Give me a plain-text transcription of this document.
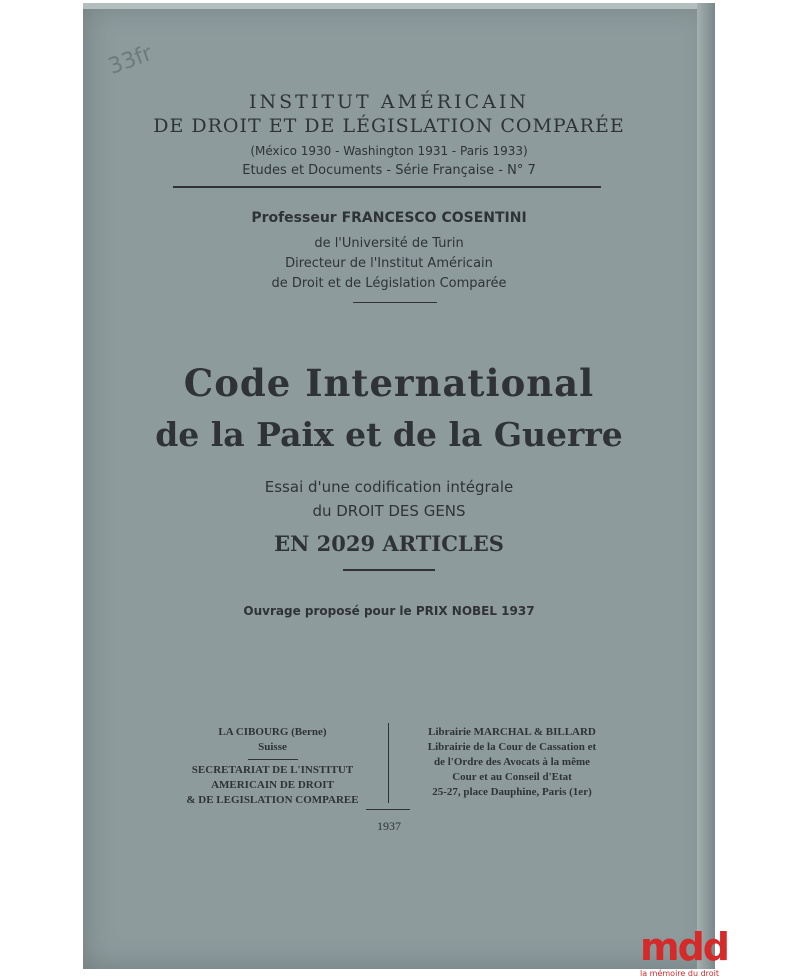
33fr
INSTITUT AMÉRICAIN
DE DROIT ET DE LÉGISLATION COMPARÉE
(México 1930 - Washington 1931 - Paris 1933)
Etudes et Documents - Série Française - N° 7
Professeur FRANCESCO COSENTINI
de l'Université de Turin
Directeur de l'Institut Américain
de Droit et de Législation Comparée
Code International
de la Paix et de la Guerre
Essai d'une codification intégrale
du DROIT DES GENS
EN 2029 ARTICLES
Ouvrage proposé pour le PRIX NOBEL 1937
LA CIBOURG (Berne)
Suisse
SECRETARIAT DE L'INSTITUT
AMERICAIN DE DROIT
& DE LEGISLATION COMPAREE
Librairie MARCHAL & BILLARD
Librairie de la Cour de Cassation et
de l'Ordre des Avocats à la même
Cour et au Conseil d'Etat
25-27, place Dauphine, Paris (1er)
1937
mdd
la mémoire du droit
